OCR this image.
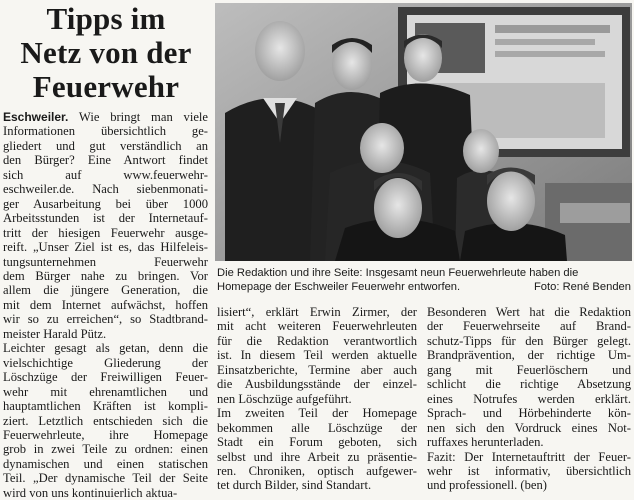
Tipps im
Netz von der
Feuerwehr
Eschweiler. Wie bringt man viele
Informationen übersichtlich ge-
gliedert und gut verständlich an
den Bürger? Eine Antwort findet
sich auf www.feuerwehr-
eschweiler.de. Nach siebenmonati-
ger Ausarbeitung bei über 1000
Arbeitsstunden ist der Internetauf-
tritt der hiesigen Feuerwehr ausge-
reift. „Unser Ziel ist es, das Hilfeleis-
tungsunternehmen Feuerwehr
dem Bürger nahe zu bringen. Vor
allem die jüngere Generation, die
mit dem Internet aufwächst, hoffen
wir so zu erreichen“, so Stadtbrand-
meister Harald Pütz.
Leichter gesagt als getan, denn die
vielschichtige Gliederung der
Löschzüge der Freiwilligen Feuer-
wehr mit ehrenamtlichen und
hauptamtlichen Kräften ist kompli-
ziert. Letztlich entschieden sich die
Feuerwehrleute, ihre Homepage
grob in zwei Teile zu ordnen: einen
dynamischen und einen statischen
Teil. „Der dynamische Teil der Seite
wird von uns kontinuierlich aktua-
lisiert“, erklärt Erwin Zirmer, der
mit acht weiteren Feuerwehrleuten
für die Redaktion verantwortlich
ist. In diesem Teil werden aktuelle
Einsatzberichte, Termine aber auch
die Ausbildungsstände der einzel-
nen Löschzüge aufgeführt.
Im zweiten Teil der Homepage
bekommen alle Löschzüge der
Stadt ein Forum geboten, sich
selbst und ihre Arbeit zu präsentie-
ren. Chroniken, optisch aufgewer-
tet durch Bilder, sind Standart.
Besonderen Wert hat die Redaktion
der Feuerwehrseite auf Brand-
schutz-Tipps für den Bürger gelegt.
Brandprävention, der richtige Um-
gang mit Feuerlöschern und
schlicht die richtige Absetzung
eines Notrufes werden erklärt.
Sprach- und Hörbehinderte kön-
nen sich den Vordruck eines Not-
ruffaxes herunterladen.
Fazit: Der Internetauftritt der Feuer-
wehr ist informativ, übersichtlich
und professionell. (ben)
Die Redaktion und ihre Seite: Insgesamt neun Feuerwehrleute haben die Homepage der Eschweiler Feuerwehr entworfen.	Foto: René Benden
